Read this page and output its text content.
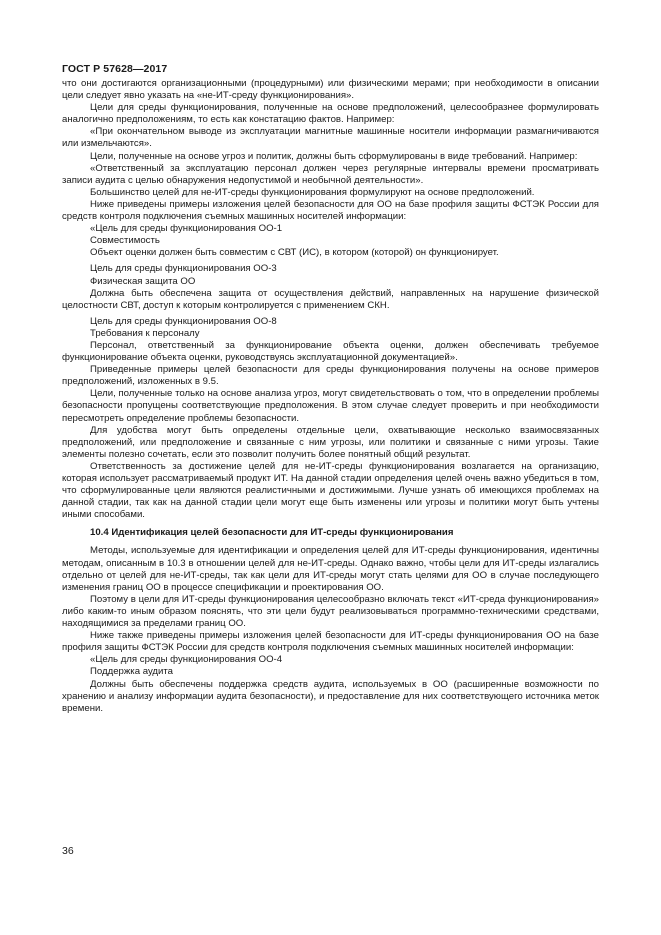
ГОСТ Р 57628—2017

что они достигаются организационными (процедурными) или физическими мерами; при необходимости в описании цели следует явно указать на «не-ИТ-среду функционирования».

Цели для среды функционирования, полученные на основе предположений, целесообразнее формулировать аналогично предположениям, то есть как констатацию фактов. Например:

«При окончательном выводе из эксплуатации магнитные машинные носители информации размагничиваются или измельчаются».

Цели, полученные на основе угроз и политик, должны быть сформулированы в виде требований. Например:

«Ответственный за эксплуатацию персонал должен через регулярные интервалы времени просматривать записи аудита с целью обнаружения недопустимой и необычной деятельности».

Большинство целей для не-ИТ-среды функционирования формулируют на основе предположений.

Ниже приведены примеры изложения целей безопасности для ОО на базе профиля защиты ФСТЭК России для средств контроля подключения съемных машинных носителей информации:

«Цель для среды функционирования ОО-1

Совместимость

Объект оценки должен быть совместим с СВТ (ИС), в котором (которой) он функционирует.

Цель для среды функционирования ОО-3

Физическая защита ОО

Должна быть обеспечена защита от осуществления действий, направленных на нарушение физической целостности СВТ, доступ к которым контролируется с применением СКН.

Цель для среды функционирования ОО-8

Требования к персоналу

Персонал, ответственный за функционирование объекта оценки, должен обеспечивать требуемое функционирование объекта оценки, руководствуясь эксплуатационной документацией».

Приведенные примеры целей безопасности для среды функционирования получены на основе примеров предположений, изложенных в 9.5.

Цели, полученные только на основе анализа угроз, могут свидетельствовать о том, что в определении проблемы безопасности пропущены соответствующие предположения. В этом случае следует проверить и при необходимости пересмотреть определение проблемы безопасности.

Для удобства могут быть определены отдельные цели, охватывающие несколько взаимосвязанных предположений, или предположение и связанные с ним угрозы, или политики и связанные с ними угрозы. Такие элементы полезно сочетать, если это позволит получить более понятный общий результат.

Ответственность за достижение целей для не-ИТ-среды функционирования возлагается на организацию, которая использует рассматриваемый продукт ИТ. На данной стадии определения целей очень важно убедиться в том, что сформулированные цели являются реалистичными и достижимыми. Лучше узнать об имеющихся проблемах на данной стадии, так как на данной стадии цели могут еще быть изменены или угрозы и политики могут быть учтены иными способами.

10.4 Идентификация целей безопасности для ИТ-среды функционирования

Методы, используемые для идентификации и определения целей для ИТ-среды функционирования, идентичны методам, описанным в 10.3 в отношении целей для не-ИТ-среды. Однако важно, чтобы цели для ИТ-среды излагались отдельно от целей для не-ИТ-среды, так как цели для ИТ-среды могут стать целями для ОО в случае последующего изменения границ ОО в процессе спецификации и проектирования ОО.

Поэтому в цели для ИТ-среды функционирования целесообразно включать текст «ИТ-среда функционирования» либо каким-то иным образом пояснять, что эти цели будут реализовываться программно-техническими средствами, находящимися за пределами границ ОО.

Ниже также приведены примеры изложения целей безопасности для ИТ-среды функционирования ОО на базе профиля защиты ФСТЭК России для средств контроля подключения съемных машинных носителей информации:

«Цель для среды функционирования ОО-4

Поддержка аудита

Должны быть обеспечены поддержка средств аудита, используемых в ОО (расширенные возможности по хранению и анализу информации аудита безопасности), и предоставление для них соответствующего источника меток времени.

36
